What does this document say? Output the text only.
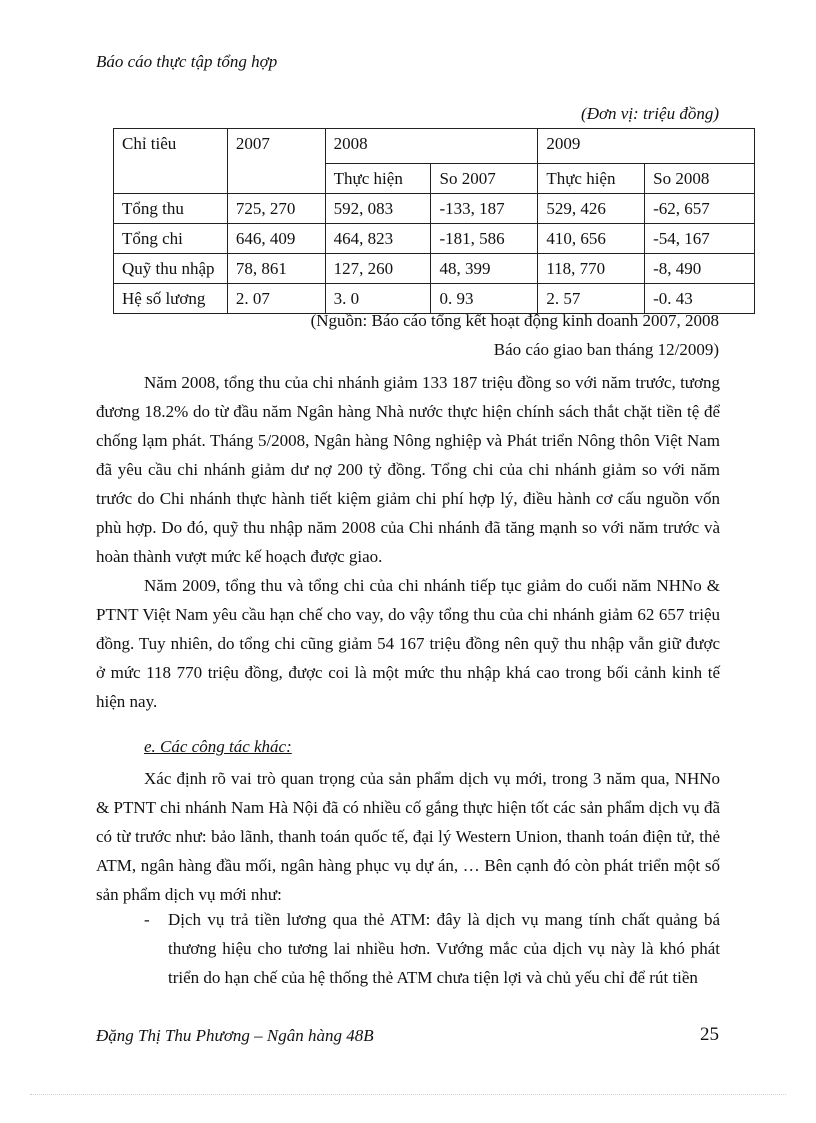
Báo cáo thực tập tổng hợp
(Đơn vị: triệu đồng)
Chỉ tiêu	2007	2008		2009	
		Thực hiện	So 2007	Thực hiện	So 2008
Tổng thu	725, 270	592, 083	-133, 187	529, 426	-62, 657
Tổng chi	646, 409	464, 823	-181, 586	410, 656	-54, 167
Quỹ thu nhập	78, 861	127, 260	48, 399	118, 770	-8, 490
Hệ số lương	2. 07	3. 0	0. 93	2. 57	-0. 43
(Nguồn: Báo cáo tổng kết hoạt động kinh doanh 2007, 2008
Báo cáo giao ban tháng 12/2009)

Năm 2008, tổng thu của chi nhánh giảm 133 187 triệu đồng so với năm trước, tương đương 18.2% do từ đầu năm Ngân hàng Nhà nước thực hiện chính sách thắt chặt tiền tệ để chống lạm phát. Tháng 5/2008, Ngân hàng Nông nghiệp và Phát triển Nông thôn Việt Nam đã yêu cầu chi nhánh giảm dư nợ 200 tỷ đồng. Tổng chi của chi nhánh giảm so với năm trước do Chi nhánh thực hành tiết kiệm giảm chi phí hợp lý, điều hành cơ cấu nguồn vốn phù hợp. Do đó, quỹ thu nhập năm 2008 của Chi nhánh đã tăng mạnh so với năm trước và hoàn thành vượt mức kế hoạch được giao.

Năm 2009, tổng thu và tổng chi của chi nhánh tiếp tục giảm do cuối năm NHNo & PTNT Việt Nam yêu cầu hạn chế cho vay, do vậy tổng thu của chi nhánh giảm 62 657 triệu đồng. Tuy nhiên, do tổng chi cũng giảm 54 167 triệu đồng nên quỹ thu nhập vẫn giữ được ở mức 118 770 triệu đồng, được coi là một mức thu nhập khá cao trong bối cảnh kinh tế hiện nay.

e. Các công tác khác:

Xác định rõ vai trò quan trọng của sản phẩm dịch vụ mới, trong 3 năm qua, NHNo & PTNT chi nhánh Nam Hà Nội đã có nhiều cố gắng thực hiện tốt các sản phẩm dịch vụ đã có từ trước như: bảo lãnh, thanh toán quốc tế, đại lý Western Union, thanh toán điện tử, thẻ ATM, ngân hàng đầu mối, ngân hàng phục vụ dự án, … Bên cạnh đó còn phát triển một số sản phẩm dịch vụ mới như:

-	Dịch vụ trả tiền lương qua thẻ ATM: đây là dịch vụ mang tính chất quảng bá thương hiệu cho tương lai nhiều hơn. Vướng mắc của dịch vụ này là khó phát triển do hạn chế của hệ thống thẻ ATM chưa tiện lợi và chủ yếu chỉ để rút tiền
Đặng Thị Thu Phương – Ngân hàng 48B	25
